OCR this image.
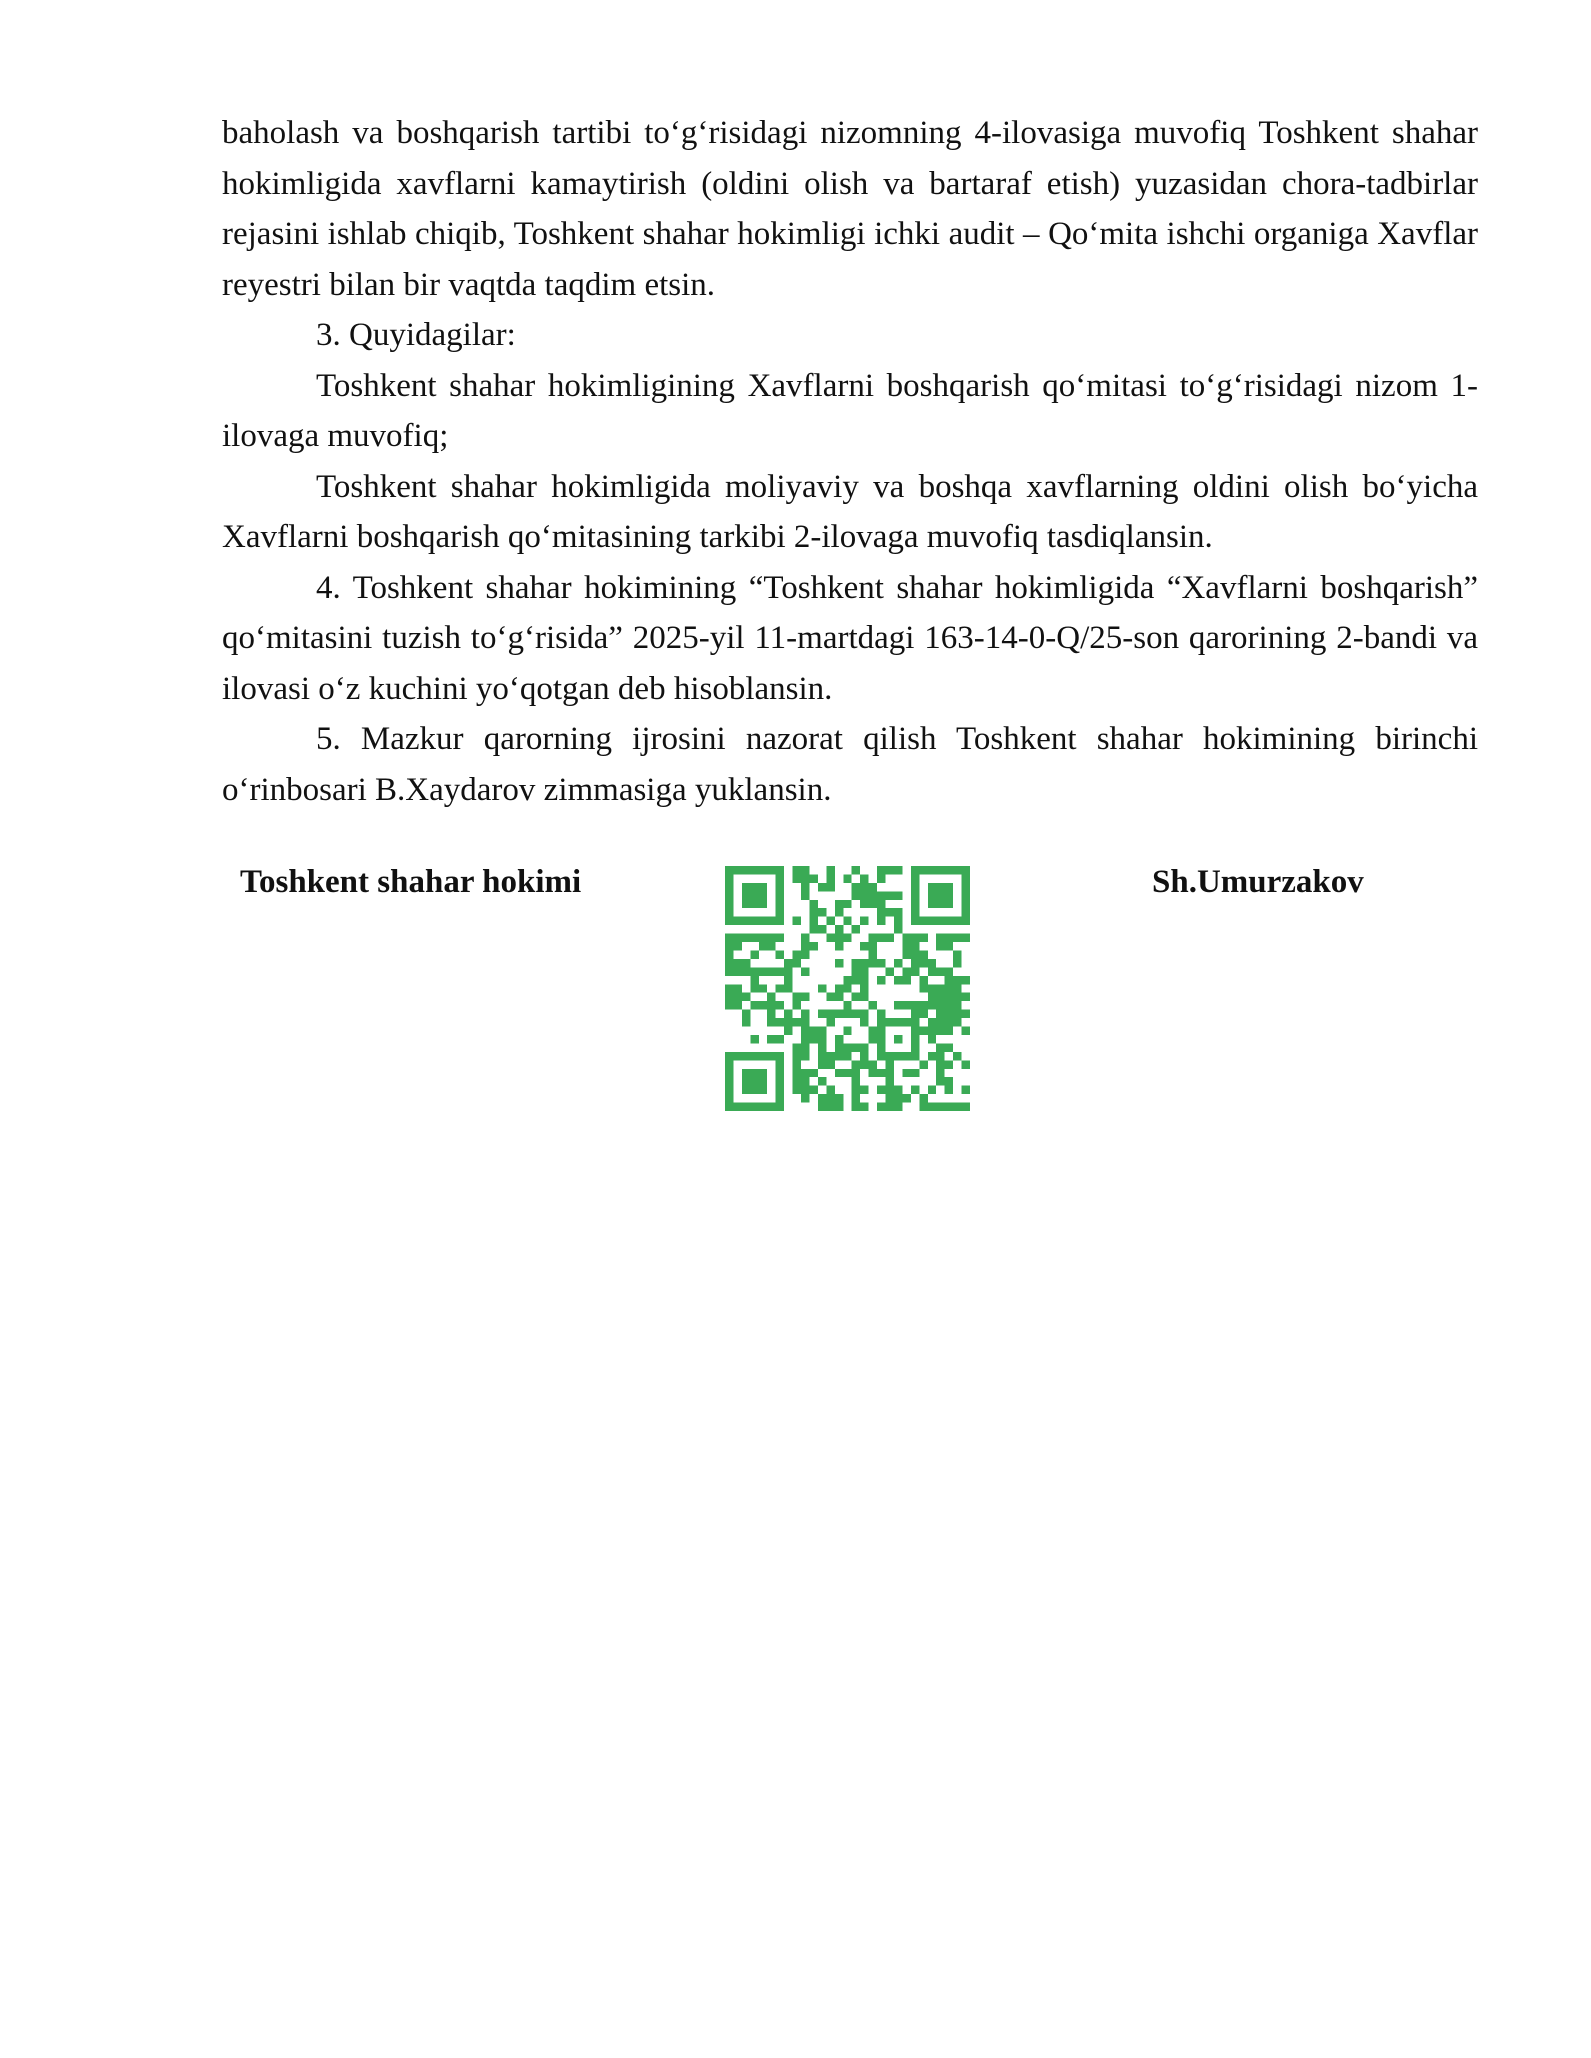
baholash va boshqarish tartibi to‘g‘risidagi nizomning 4-ilovasiga muvofiq Toshkent shahar hokimligida xavflarni kamaytirish (oldini olish va bartaraf etish) yuzasidan chora-tadbirlar rejasini ishlab chiqib, Toshkent shahar hokimligi ichki audit – Qo‘mita ishchi organiga Xavflar reyestri bilan bir vaqtda taqdim etsin.

3. Quyidagilar:

Toshkent shahar hokimligining Xavflarni boshqarish qo‘mitasi to‘g‘risidagi nizom 1-ilovaga muvofiq;

Toshkent shahar hokimligida moliyaviy va boshqa xavflarning oldini olish bo‘yicha Xavflarni boshqarish qo‘mitasining tarkibi 2-ilovaga muvofiq tasdiqlansin.

4. Toshkent shahar hokimining “Toshkent shahar hokimligida “Xavflarni boshqarish” qo‘mitasini tuzish to‘g‘risida” 2025-yil 11-martdagi 163-14-0-Q/25-son qarorining 2-bandi va ilovasi o‘z kuchini yo‘qotgan deb hisoblansin.

5. Mazkur qarorning ijrosini nazorat qilish Toshkent shahar hokimining birinchi o‘rinbosari B.Xaydarov zimmasiga yuklansin.

Toshkent shahar hokimi	Sh.Umurzakov
